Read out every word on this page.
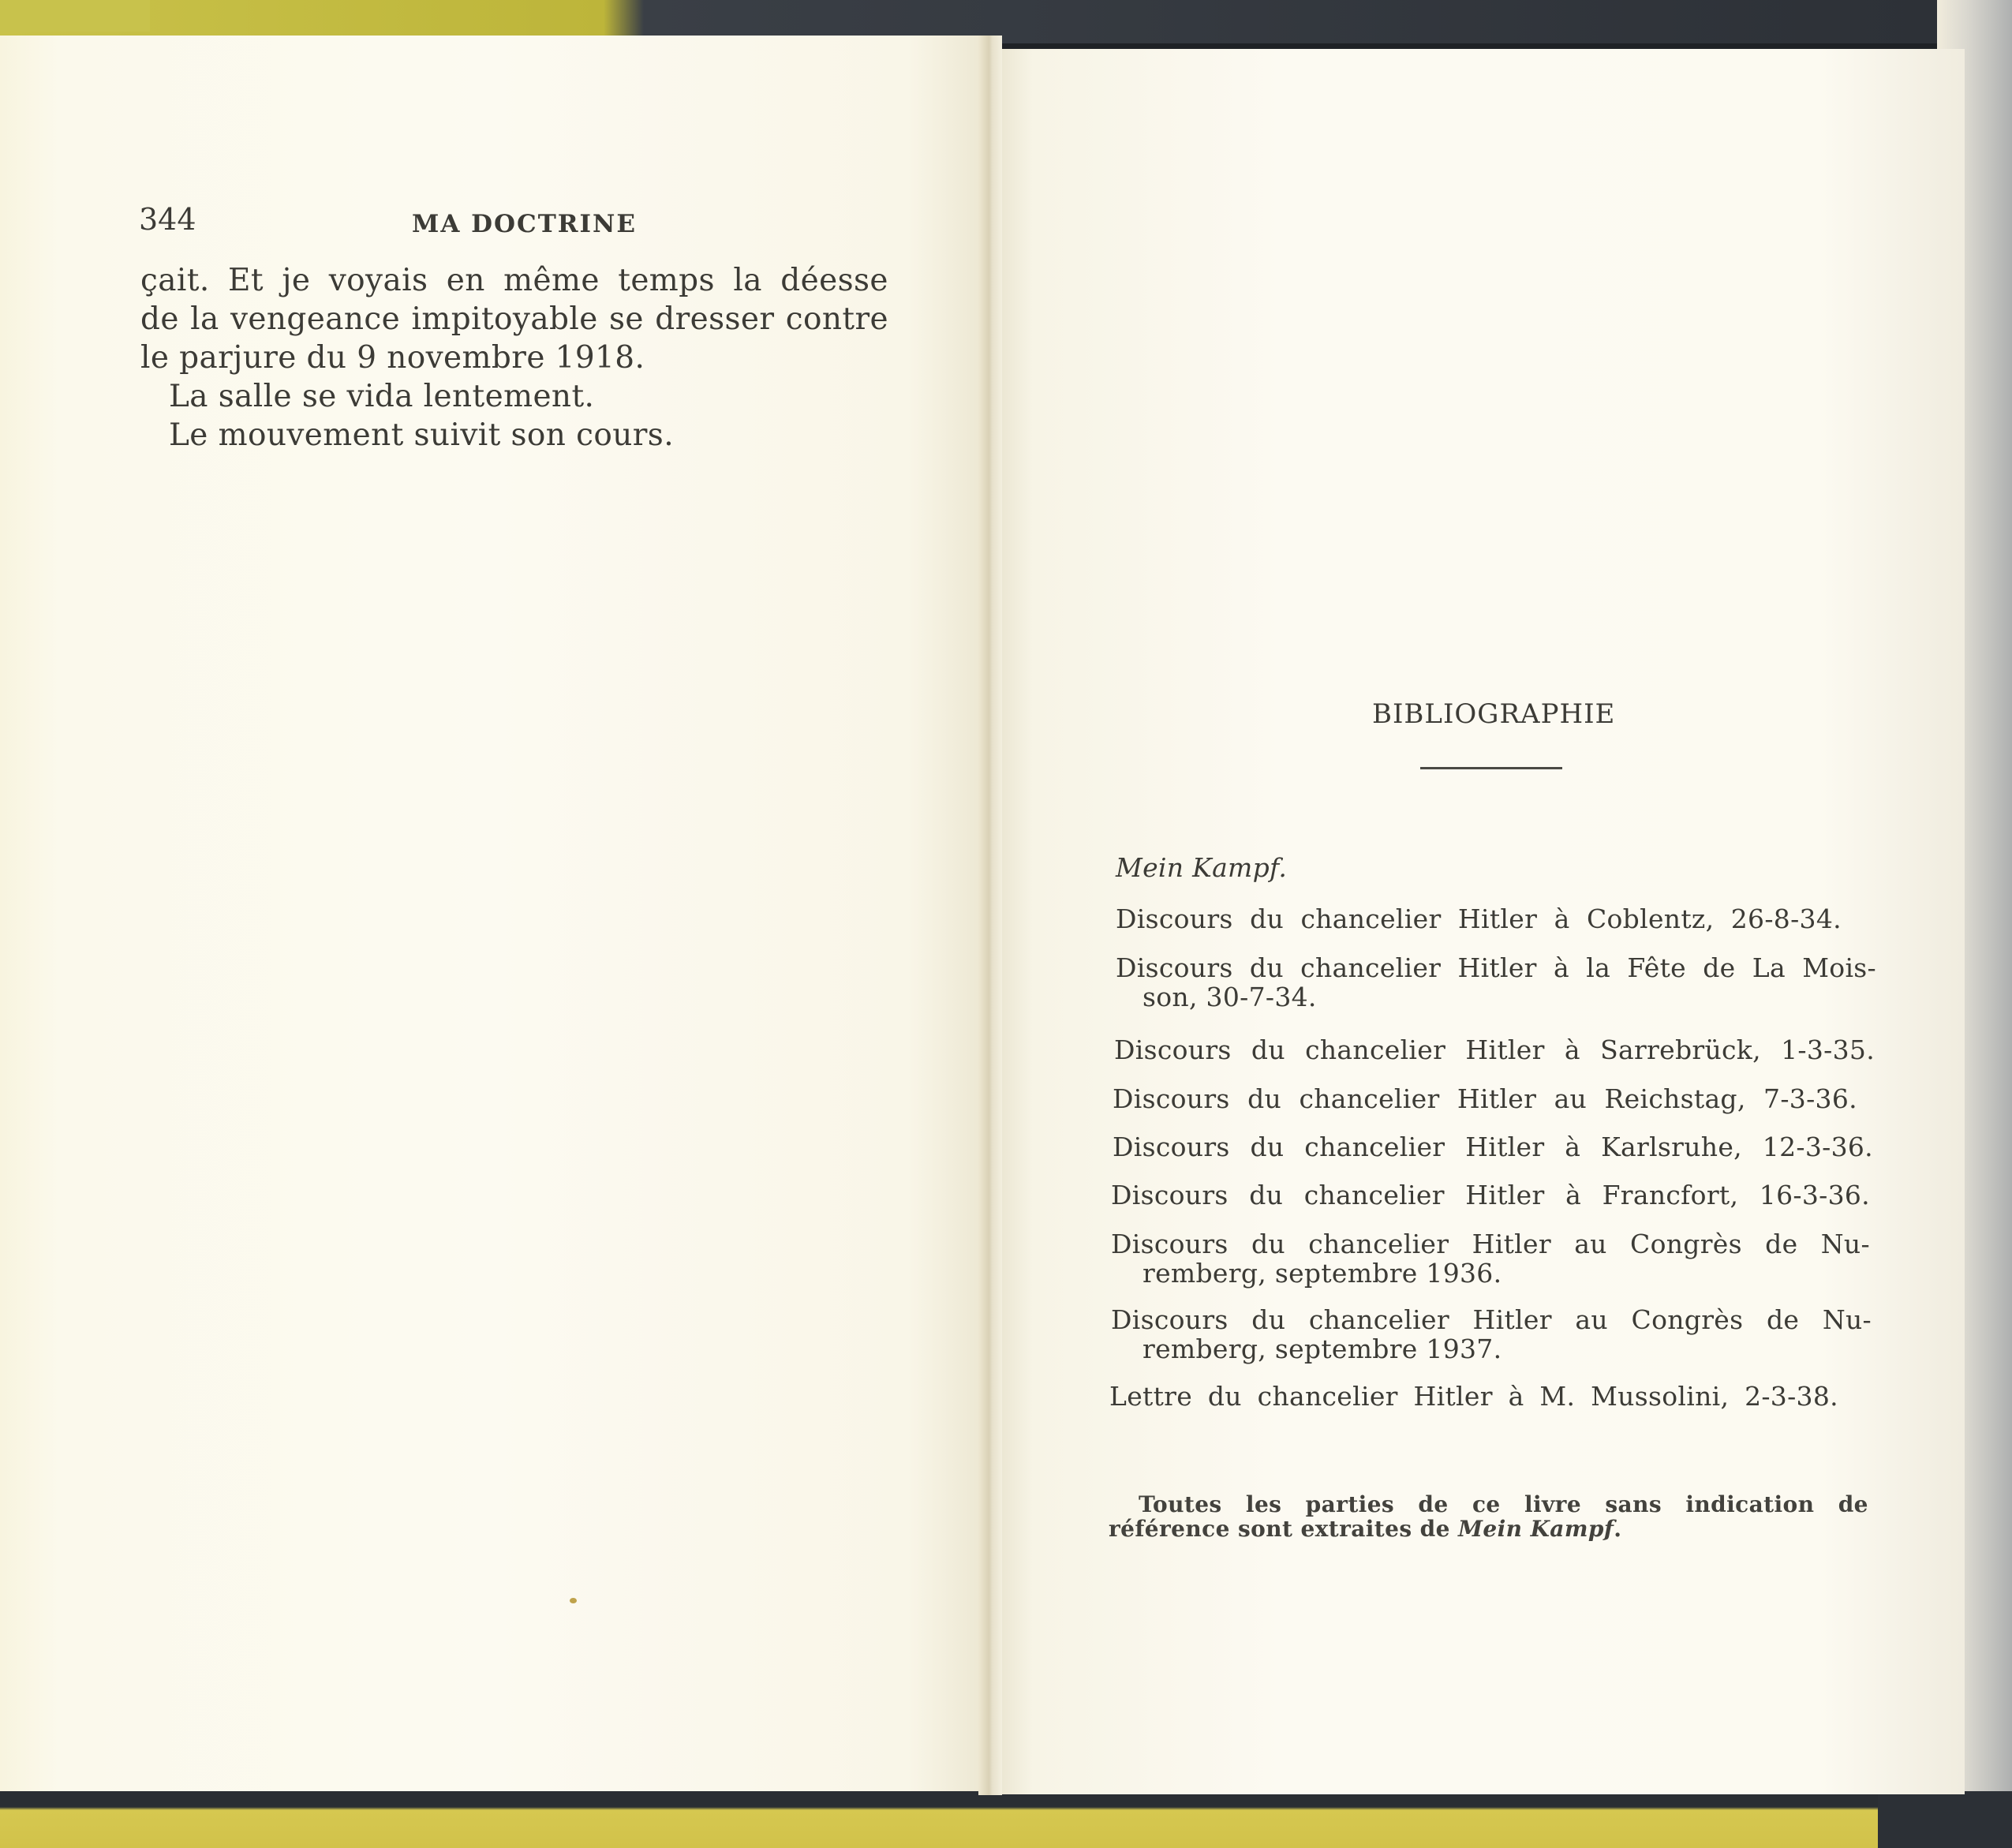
344	MA DOCTRINE
çait. Et je voyais en même temps la déesse
de la vengeance impitoyable se dresser contre
le parjure du 9 novembre 1918.
La salle se vida lentement.
Le mouvement suivit son cours.
BIBLIOGRAPHIE
Mein Kampf.
Discours du chancelier Hitler à Coblentz, 26-8-34.
Discours du chancelier Hitler à la Fête de La Mois-
son, 30-7-34.
Discours du chancelier Hitler à Sarrebrück, 1-3-35.
Discours du chancelier Hitler au Reichstag, 7-3-36.
Discours du chancelier Hitler à Karlsruhe, 12-3-36.
Discours du chancelier Hitler à Francfort, 16-3-36.
Discours du chancelier Hitler au Congrès de Nu-
remberg, septembre 1936.
Discours du chancelier Hitler au Congrès de Nu-
remberg, septembre 1937.
Lettre du chancelier Hitler à M. Mussolini, 2-3-38.
Toutes les parties de ce livre sans indication de
référence sont extraites de Mein Kampf.
